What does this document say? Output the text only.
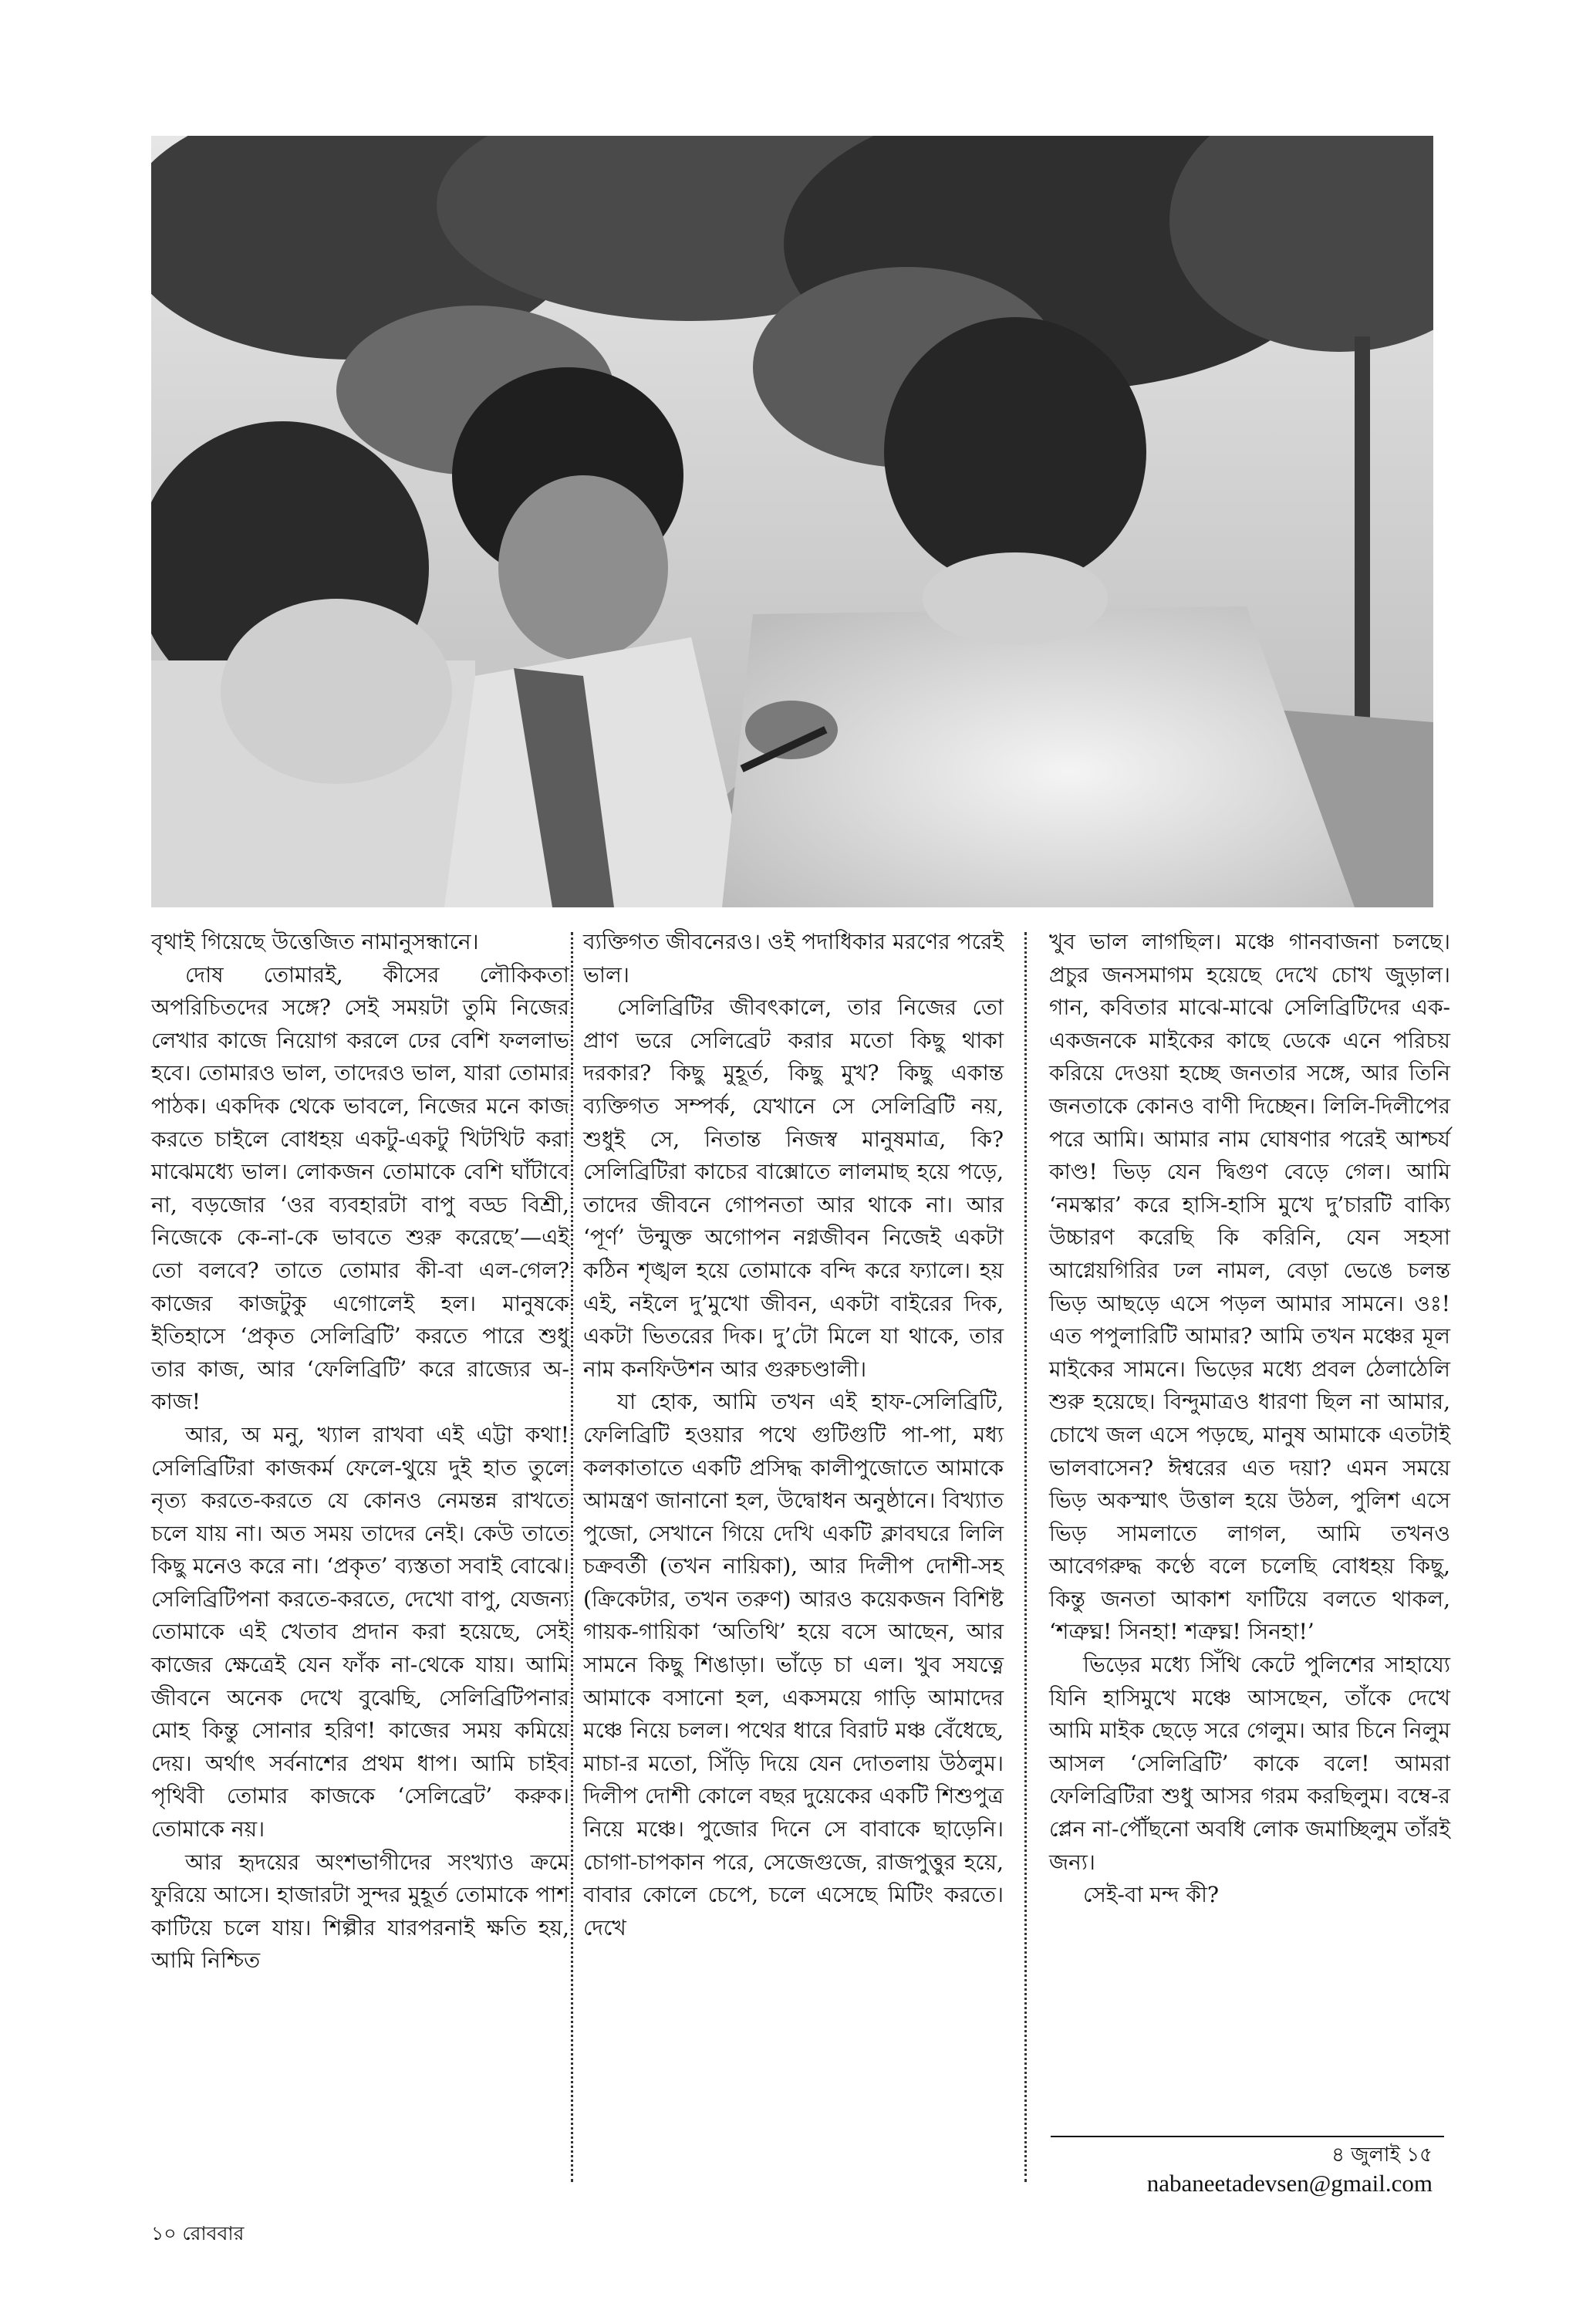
বৃথাই গিয়েছে উত্তেজিত নামানুসন্ধানে।

দোষ তোমারই, কীসের লৌকিকতা অপরিচিতদের সঙ্গে? সেই সময়টা তুমি নিজের লেখার কাজে নিয়োগ করলে ঢের বেশি ফললাভ হবে। তোমারও ভাল, তাদেরও ভাল, যারা তোমার পাঠক। একদিক থেকে ভাবলে, নিজের মনে কাজ করতে চাইলে বোধহয় একটু-একটু খিটখিট করা মাঝেমধ্যে ভাল। লোকজন তোমাকে বেশি ঘাঁটাবে না, বড়জোর ‘ওর ব্যবহারটা বাপু বড্ড বিশ্রী, নিজেকে কে-না-কে ভাবতে শুরু করেছে’—এই তো বলবে? তাতে তোমার কী-বা এল-গেল? কাজের কাজটুকু এগোলেই হল। মানুষকে ইতিহাসে ‘প্রকৃত সেলিব্রিটি’ করতে পারে শুধু তার কাজ, আর ‘ফেলিব্রিটি’ করে রাজ্যের অ-কাজ!

আর, অ মনু, খ্যাল রাখবা এই এট্টা কথা! সেলিব্রিটিরা কাজকর্ম ফেলে-থুয়ে দুই হাত তুলে নৃত্য করতে-করতে যে কোনও নেমন্তন্ন রাখতে চলে যায় না। অত সময় তাদের নেই। কেউ তাতে কিছু মনেও করে না। ‘প্রকৃত’ ব্যস্ততা সবাই বোঝে। সেলিব্রিটিপনা করতে-করতে, দেখো বাপু, যেজন্য তোমাকে এই খেতাব প্রদান করা হয়েছে, সেই কাজের ক্ষেত্রেই যেন ফাঁক না-থেকে যায়। আমি জীবনে অনেক দেখে বুঝেছি, সেলিব্রিটিপনার মোহ কিন্তু সোনার হরিণ! কাজের সময় কমিয়ে দেয়। অর্থাৎ সর্বনাশের প্রথম ধাপ। আমি চাইব পৃথিবী তোমার কাজকে ‘সেলিব্রেট’ করুক। তোমাকে নয়।

আর হৃদয়ের অংশভাগীদের সংখ্যাও ক্রমে ফুরিয়ে আসে। হাজারটা সুন্দর মুহূর্ত তোমাকে পাশ কাটিয়ে চলে যায়। শিল্পীর যারপরনাই ক্ষতি হয়, আমি নিশ্চিত

ব্যক্তিগত জীবনেরও। ওই পদাধিকার মরণের পরেই ভাল।

সেলিব্রিটির জীবৎকালে, তার নিজের তো প্রাণ ভরে সেলিব্রেট করার মতো কিছু থাকা দরকার? কিছু মুহূর্ত, কিছু মুখ? কিছু একান্ত ব্যক্তিগত সম্পর্ক, যেখানে সে সেলিব্রিটি নয়, শুধুই সে, নিতান্ত নিজস্ব মানুষমাত্র, কি? সেলিব্রিটিরা কাচের বাক্সোতে লালমাছ হয়ে পড়ে, তাদের জীবনে গোপনতা আর থাকে না। আর ‘পূর্ণ’ উন্মুক্ত অগোপন নগ্নজীবন নিজেই একটা কঠিন শৃঙ্খল হয়ে তোমাকে বন্দি করে ফ্যালে। হয় এই, নইলে দু’মুখো জীবন, একটা বাইরের দিক, একটা ভিতরের দিক। দু’টো মিলে যা থাকে, তার নাম কনফিউশন আর গুরুচণ্ডালী।

যা হোক, আমি তখন এই হাফ-সেলিব্রিটি, ফেলিব্রিটি হওয়ার পথে গুটিগুটি পা-পা, মধ্য কলকাতাতে একটি প্রসিদ্ধ কালীপুজোতে আমাকে আমন্ত্রণ জানানো হল, উদ্বোধন অনুষ্ঠানে। বিখ্যাত পুজো, সেখানে গিয়ে দেখি একটি ক্লাবঘরে লিলি চক্রবর্তী (তখন নায়িকা), আর দিলীপ দোশী-সহ (ক্রিকেটার, তখন তরুণ) আরও কয়েকজন বিশিষ্ট গায়ক-গায়িকা ‘অতিথি’ হয়ে বসে আছেন, আর সামনে কিছু শিঙাড়া। ভাঁড়ে চা এল। খুব সযত্নে আমাকে বসানো হল, একসময়ে গাড়ি আমাদের মঞ্চে নিয়ে চলল। পথের ধারে বিরাট মঞ্চ বেঁধেছে, মাচা-র মতো, সিঁড়ি দিয়ে যেন দোতলায় উঠলুম। দিলীপ দোশী কোলে বছর দুয়েকের একটি শিশুপুত্র নিয়ে মঞ্চে। পুজোর দিনে সে বাবাকে ছাড়েনি। চোগা-চাপকান পরে, সেজেগুজে, রাজপুত্তুর হয়ে, বাবার কোলে চেপে, চলে এসেছে মিটিং করতে। দেখে

খুব ভাল লাগছিল। মঞ্চে গানবাজনা চলছে। প্রচুর জনসমাগম হয়েছে দেখে চোখ জুড়াল। গান, কবিতার মাঝে-মাঝে সেলিব্রিটিদের এক-একজনকে মাইকের কাছে ডেকে এনে পরিচয় করিয়ে দেওয়া হচ্ছে জনতার সঙ্গে, আর তিনি জনতাকে কোনও বাণী দিচ্ছেন। লিলি-দিলীপের পরে আমি। আমার নাম ঘোষণার পরেই আশ্চর্য কাণ্ড! ভিড় যেন দ্বিগুণ বেড়ে গেল। আমি ‘নমস্কার’ করে হাসি-হাসি মুখে দু’চারটি বাক্যি উচ্চারণ করেছি কি করিনি, যেন সহসা আগ্নেয়গিরির ঢল নামল, বেড়া ভেঙে চলন্ত ভিড় আছড়ে এসে পড়ল আমার সামনে। ওঃ! এত পপুলারিটি আমার? আমি তখন মঞ্চের মূল মাইকের সামনে। ভিড়ের মধ্যে প্রবল ঠেলাঠেলি শুরু হয়েছে। বিন্দুমাত্রও ধারণা ছিল না আমার, চোখে জল এসে পড়ছে, মানুষ আমাকে এতটাই ভালবাসেন? ঈশ্বরের এত দয়া? এমন সময়ে ভিড় অকস্মাৎ উত্তাল হয়ে উঠল, পুলিশ এসে ভিড় সামলাতে লাগল, আমি তখনও আবেগরুদ্ধ কণ্ঠে বলে চলেছি বোধহয় কিছু, কিন্তু জনতা আকাশ ফাটিয়ে বলতে থাকল, ‘শত্রুঘ্ন! সিনহা! শত্রুঘ্ন! সিনহা!’

ভিড়ের মধ্যে সিঁথি কেটে পুলিশের সাহায্যে যিনি হাসিমুখে মঞ্চে আসছেন, তাঁকে দেখে আমি মাইক ছেড়ে সরে গেলুম। আর চিনে নিলুম আসল ‘সেলিব্রিটি’ কাকে বলে! আমরা ফেলিব্রিটিরা শুধু আসর গরম করছিলুম। বম্বে-র প্লেন না-পৌঁছনো অবধি লোক জমাচ্ছিলুম তাঁরই জন্য।

সেই-বা মন্দ কী?

৪ জুলাই ১৫
nabaneetadevsen@gmail.com
১০ রোববার
